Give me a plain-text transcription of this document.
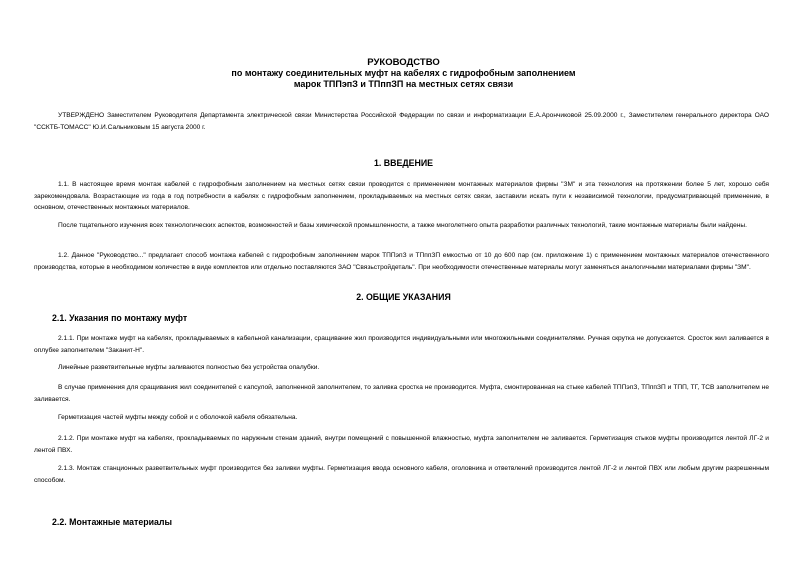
РУКОВОДСТВО
по монтажу соединительных муфт на кабелях с гидрофобным заполнением
марок ТППэпЗ и ТПппЗП на местных сетях связи
УТВЕРЖДЕНО Заместителем Руководителя Департамента электрической связи Министерства Российской Федерации по связи и информатизации Е.А.Арончиковой 25.09.2000 г., Заместителем генерального директора ОАО "ССКТБ-ТОМАСС" Ю.И.Сальниковым 15 августа 2000 г.
1. ВВЕДЕНИЕ
1.1. В настоящее время монтаж кабелей с гидрофобным заполнением на местных сетях связи проводится с применением монтажных материалов фирмы "ЗМ" и эта технология на протяжении более 5 лет, хорошо себя зарекомендовала. Возрастающие из года в год потребности в кабелях с гидрофобным заполнением, прокладываемых на местных сетях связи, заставили искать пути к независимой технологии, предусматривающей применение, в основном, отечественных монтажных материалов.
После тщательного изучения всех технологических аспектов, возможностей и базы химической промышленности, а также многолетнего опыта разработки различных технологий, такие монтажные материалы были найдены.
1.2. Данное "Руководство..." предлагает способ монтажа кабелей с гидрофобным заполнением марок ТППэпЗ и ТПппЗП емкостью от 10 до 600 пар (см. приложение 1) с применением монтажных материалов отечественного производства, которые в необходимом количестве в виде комплектов или отдельно поставляются ЗАО "Связьстройдеталь". При необходимости отечественные материалы могут заменяться аналогичными материалами фирмы "ЗМ".
2. ОБЩИЕ УКАЗАНИЯ
2.1. Указания по монтажу муфт
2.1.1. При монтаже муфт на кабелях, прокладываемых в кабельной канализации, сращивание жил производится индивидуальными или многожильными соединителями. Ручная скрутка не допускается. Сросток жил заливается в оплубке заполнителем "Заканит-Н".
Линейные разветвительные муфты заливаются полностью без устройства опалубки.
В случае применения для сращивания жил соединителей с капсулой, заполненной заполнителем, то заливка сростка не производится. Муфта, смонтированная на стыке кабелей ТППэпЗ, ТПппЗП и ТПП, ТГ, ТСВ заполнителем не заливается.
Герметизация частей муфты между собой и с оболочкой кабеля обязательна.
2.1.2. При монтаже муфт на кабелях, прокладываемых по наружным стенам зданий, внутри помещений с повышенной влажностью, муфта заполнителем не заливается. Герметизация стыков муфты производится лентой ЛГ-2 и лентой ПВХ.
2.1.3. Монтаж станционных разветвительных муфт производится без заливки муфты. Герметизация ввода основного кабеля, оголовника и ответвлений производится лентой ЛГ-2 и лентой ПВХ или любым другим разрешенным способом.
2.2. Монтажные материалы
